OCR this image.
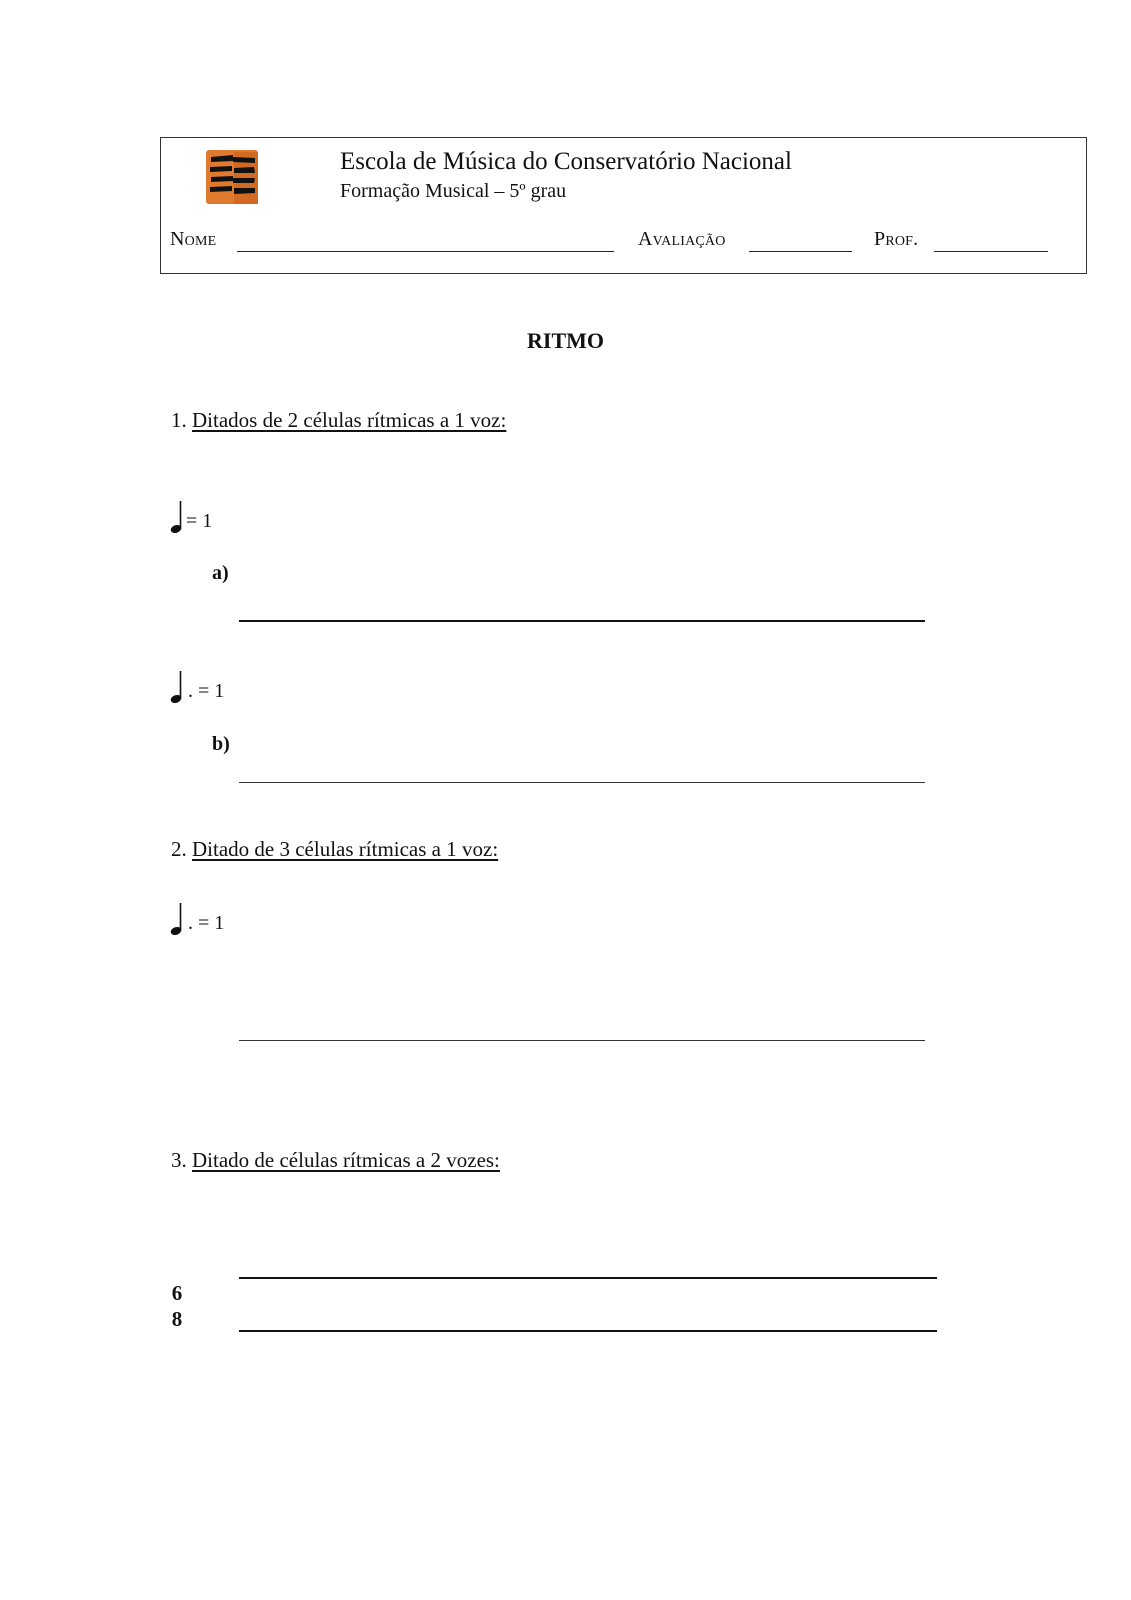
Escola de Música do Conservatório Nacional
Formação Musical – 5º grau
Nome	Avaliação	Prof.
RITMO
1. Ditados de 2 células rítmicas a 1 voz:
= 1
a)
. = 1
b)
2. Ditado de 3 células rítmicas a 1 voz:
. = 1
3. Ditado de células rítmicas a 2 vozes:
6
8
